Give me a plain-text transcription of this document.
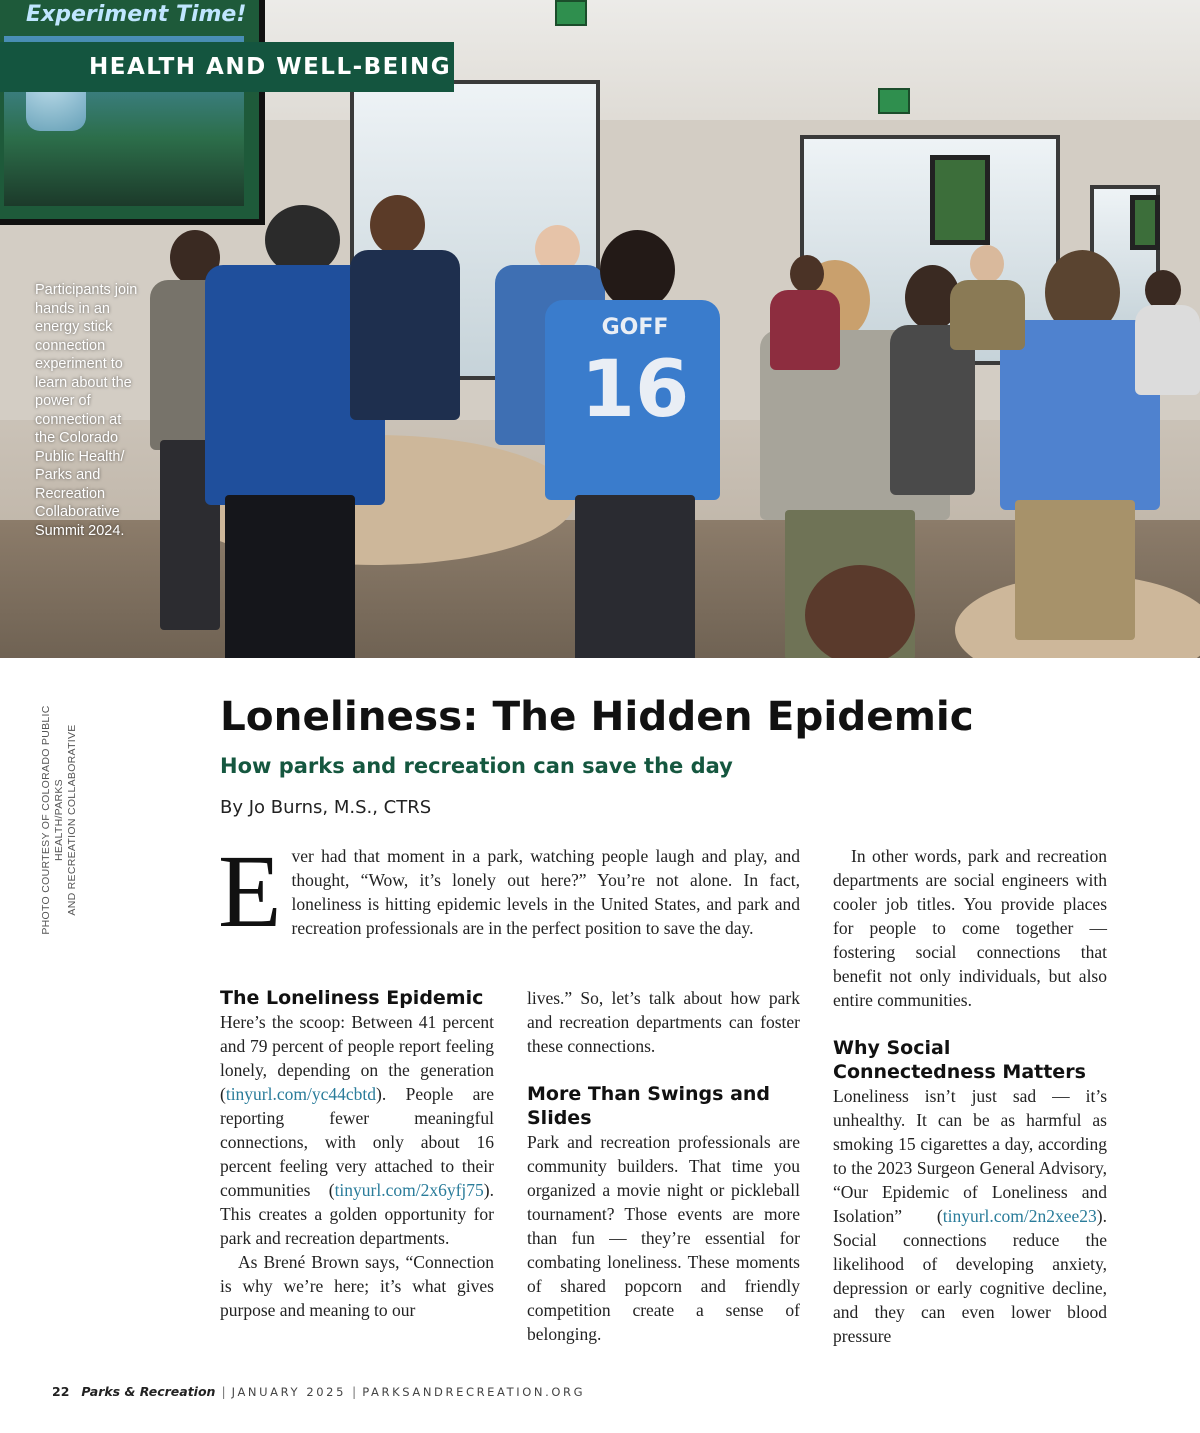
Experiment Time!
GOFF
16
HEALTH AND WELL-BEING
Participants join hands in an energy stick connection experiment to learn about the power of connection at the Colorado Public Health/ Parks and Recreation Collaborative Summit 2024.
PHOTO COURTESY OF COLORADO PUBLIC HEALTH/PARKS AND RECREATION COLLABORATIVE
Loneliness: The Hidden Epidemic
How parks and recreation can save the day

By Jo Burns, M.S., CTRS

Ever had that moment in a park, watching people laugh and play, and thought, “Wow, it’s lonely out here?” You’re not alone. In fact, loneliness is hitting epidemic levels in the United States, and park and recreation professionals are in the perfect position to save the day.

The Loneliness Epidemic

Here’s the scoop: Between 41 percent and 79 percent of people report feeling lonely, depending on the generation (tinyurl.com/yc44cbtd). People are reporting fewer meaningful connections, with only about 16 percent feeling very attached to their communities (tinyurl.com/2x6yfj75). This creates a golden opportunity for park and recreation departments.

As Brené Brown says, “Connection is why we’re here; it’s what gives purpose and meaning to our

lives.” So, let’s talk about how park and recreation departments can foster these connections.

More Than Swings and Slides

Park and recreation professionals are community builders. That time you organized a movie night or pickleball tournament? Those events are more than fun — they’re essential for combating loneliness. These moments of shared popcorn and friendly competition create a sense of belonging.

In other words, park and recreation departments are social engineers with cooler job titles. You provide places for people to come together — fostering social connections that benefit not only individuals, but also entire communities.

Why Social Connectedness Matters

Loneliness isn’t just sad — it’s unhealthy. It can be as harmful as smoking 15 cigarettes a day, according to the 2023 Surgeon General Advisory, “Our Epidemic of Loneliness and Isolation” (tinyurl.com/2n2xee23). Social connections reduce the likelihood of developing anxiety, depression or early cognitive decline, and they can even lower blood pressure

22 Parks & Recreation | JANUARY 2025 | PARKSANDRECREATION.ORG
